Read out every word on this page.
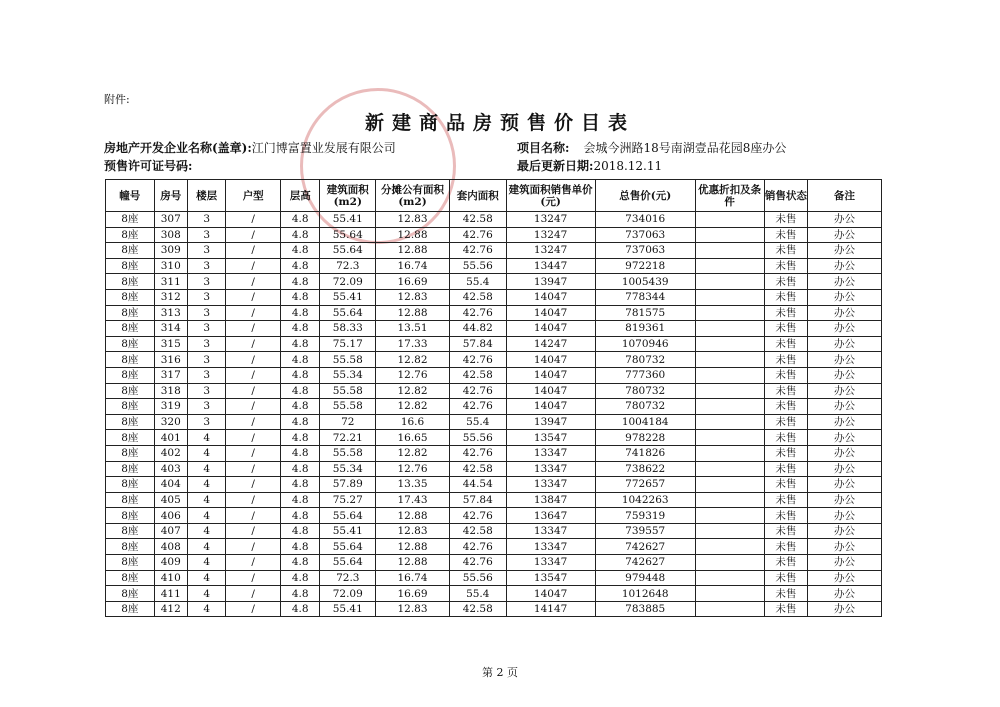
附件:
新建商品房预售价目表
房地产开发企业名称(盖章):江门博富置业发展有限公司
预售许可证号码:
项目名称: 会城今洲路18号南湖壹品花园8座办公
最后更新日期:2018.12.11
幢号	房号	楼层	户型	层高	建筑面积(m2)	分摊公有面积(m2)	套内面积	建筑面积销售单价(元)	总售价(元)	优惠折扣及条件	销售状态	备注
8座	307	3	/	4.8	55.41	12.83	42.58	13247	734016		未售	办公
8座	308	3	/	4.8	55.64	12.88	42.76	13247	737063		未售	办公
8座	309	3	/	4.8	55.64	12.88	42.76	13247	737063		未售	办公
8座	310	3	/	4.8	72.3	16.74	55.56	13447	972218		未售	办公
8座	311	3	/	4.8	72.09	16.69	55.4	13947	1005439		未售	办公
8座	312	3	/	4.8	55.41	12.83	42.58	14047	778344		未售	办公
8座	313	3	/	4.8	55.64	12.88	42.76	14047	781575		未售	办公
8座	314	3	/	4.8	58.33	13.51	44.82	14047	819361		未售	办公
8座	315	3	/	4.8	75.17	17.33	57.84	14247	1070946		未售	办公
8座	316	3	/	4.8	55.58	12.82	42.76	14047	780732		未售	办公
8座	317	3	/	4.8	55.34	12.76	42.58	14047	777360		未售	办公
8座	318	3	/	4.8	55.58	12.82	42.76	14047	780732		未售	办公
8座	319	3	/	4.8	55.58	12.82	42.76	14047	780732		未售	办公
8座	320	3	/	4.8	72	16.6	55.4	13947	1004184		未售	办公
8座	401	4	/	4.8	72.21	16.65	55.56	13547	978228		未售	办公
8座	402	4	/	4.8	55.58	12.82	42.76	13347	741826		未售	办公
8座	403	4	/	4.8	55.34	12.76	42.58	13347	738622		未售	办公
8座	404	4	/	4.8	57.89	13.35	44.54	13347	772657		未售	办公
8座	405	4	/	4.8	75.27	17.43	57.84	13847	1042263		未售	办公
8座	406	4	/	4.8	55.64	12.88	42.76	13647	759319		未售	办公
8座	407	4	/	4.8	55.41	12.83	42.58	13347	739557		未售	办公
8座	408	4	/	4.8	55.64	12.88	42.76	13347	742627		未售	办公
8座	409	4	/	4.8	55.64	12.88	42.76	13347	742627		未售	办公
8座	410	4	/	4.8	72.3	16.74	55.56	13547	979448		未售	办公
8座	411	4	/	4.8	72.09	16.69	55.4	14047	1012648		未售	办公
8座	412	4	/	4.8	55.41	12.83	42.58	14147	783885		未售	办公
第 2 页
